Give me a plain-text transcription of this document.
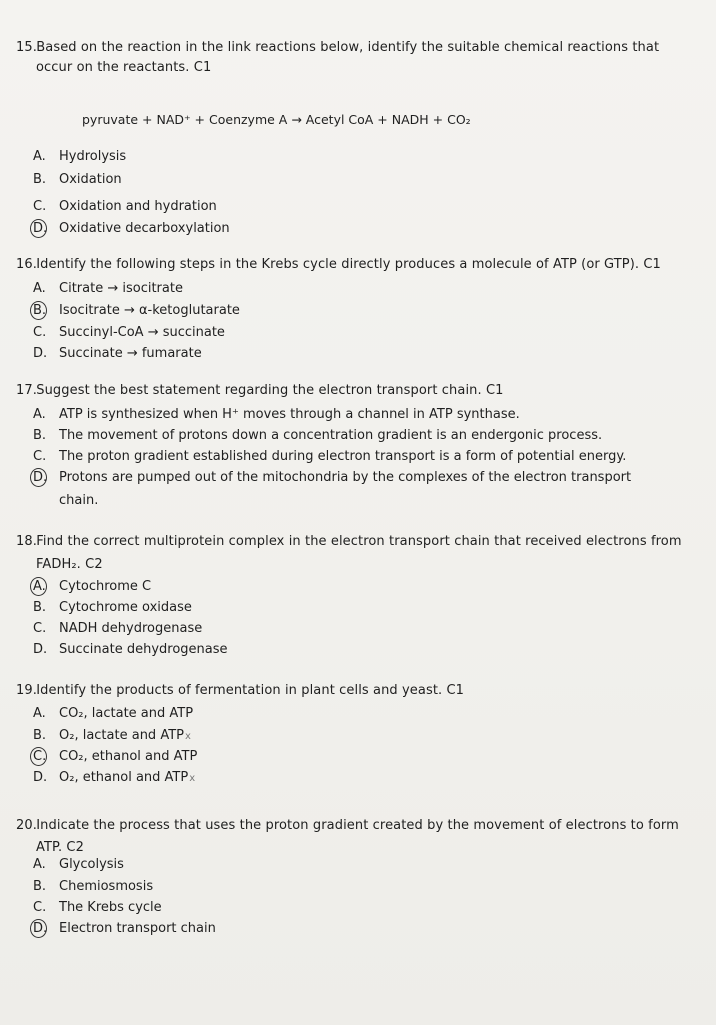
15. Based on the reaction in the link reactions below, identify the suitable chemical reactions that
occur on the reactants. C1
pyruvate + NAD⁺ + Coenzyme A → Acetyl CoA + NADH + CO₂
A. Hydrolysis
B. Oxidation
C. Oxidation and hydration
D. Oxidative decarboxylation
16. Identify the following steps in the Krebs cycle directly produces a molecule of ATP (or GTP). C1
A. Citrate → isocitrate
B. Isocitrate → α-ketoglutarate
C. Succinyl-CoA → succinate
D. Succinate → fumarate
17. Suggest the best statement regarding the electron transport chain. C1
A. ATP is synthesized when H⁺ moves through a channel in ATP synthase.
B. The movement of protons down a concentration gradient is an endergonic process.
C. The proton gradient established during electron transport is a form of potential energy.
D. Protons are pumped out of the mitochondria by the complexes of the electron transport
chain.
18. Find the correct multiprotein complex in the electron transport chain that received electrons from
FADH₂. C2
A. Cytochrome C
B. Cytochrome oxidase
C. NADH dehydrogenase
D. Succinate dehydrogenase
19. Identify the products of fermentation in plant cells and yeast. C1
A. CO₂, lactate and ATP
B. O₂, lactate and ATPx
C. CO₂, ethanol and ATP
D. O₂, ethanol and ATPx
20. Indicate the process that uses the proton gradient created by the movement of electrons to form
ATP. C2
A. Glycolysis
B. Chemiosmosis
C. The Krebs cycle
D. Electron transport chain
